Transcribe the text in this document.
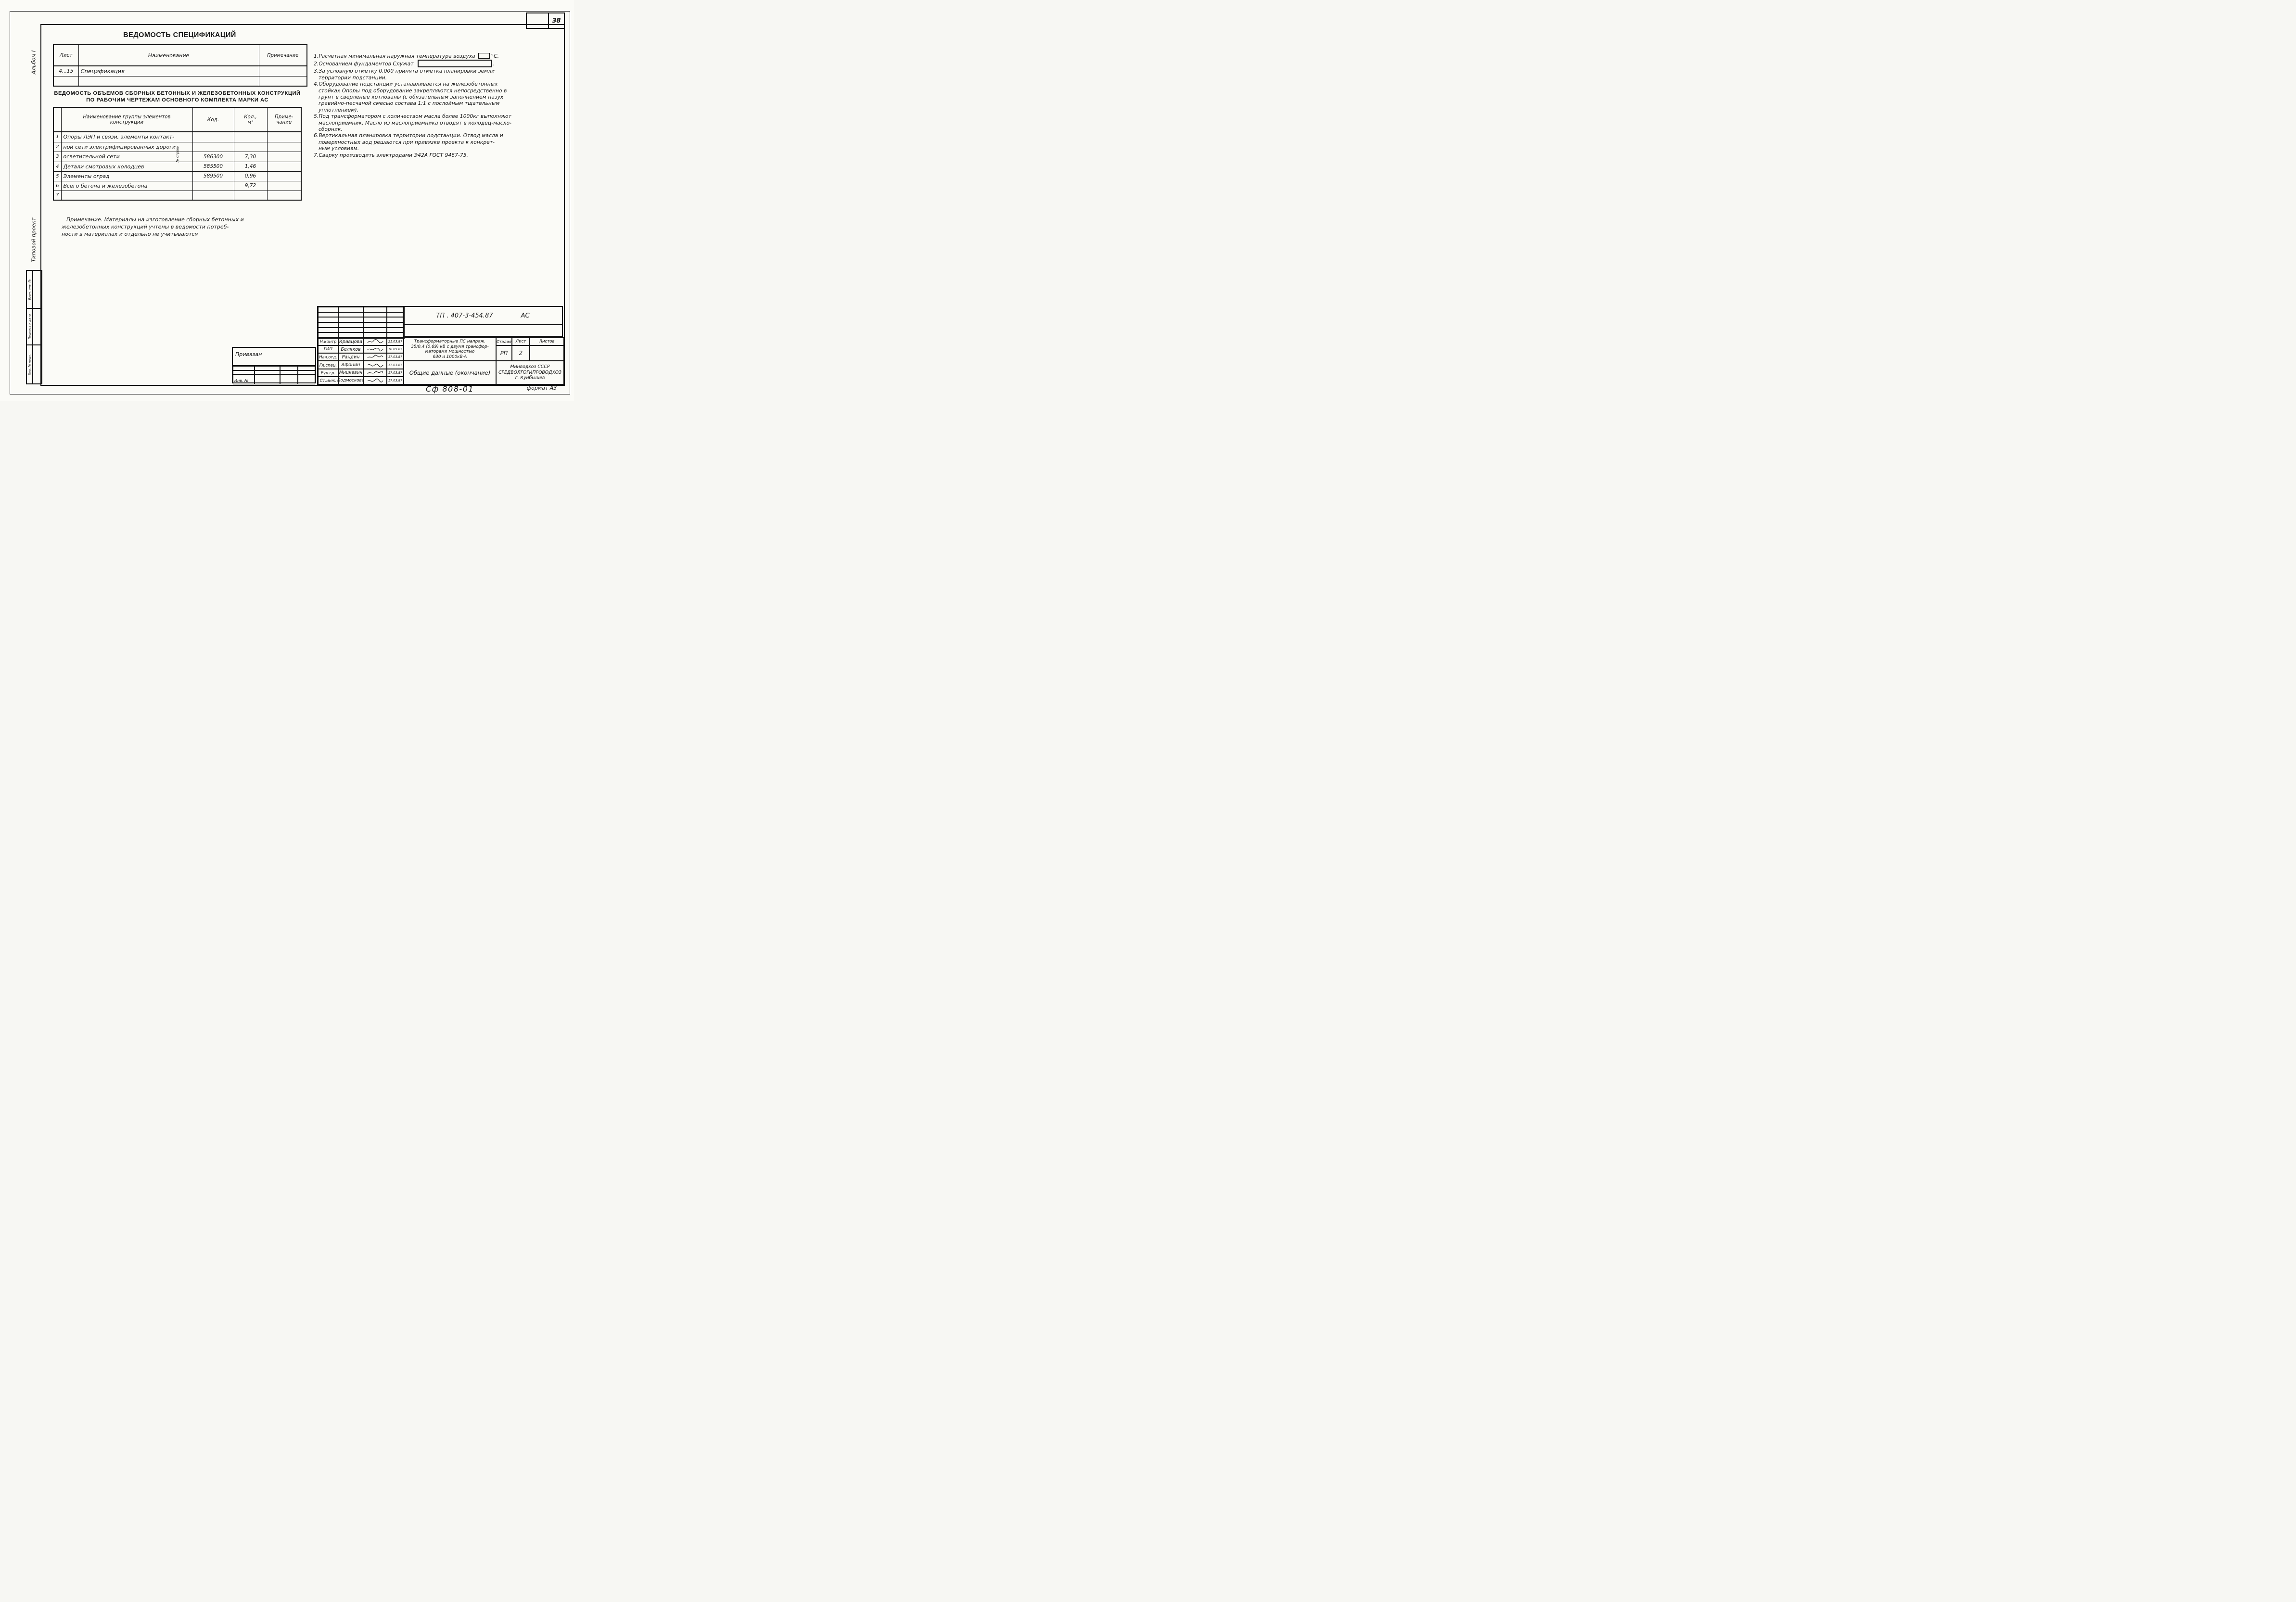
Альбом I
Типовой проект
Взам. инв. №
Подпись и дата
Инв. № подл.
38
ВЕДОМОСТЬ СПЕЦИФИКАЦИЙ
Лист	Наименование	Примечание
4...15	Спецификация	

ВЕДОМОСТЬ ОБЪЕМОВ СБОРНЫХ БЕТОННЫХ И ЖЕЛЕЗОБЕТОННЫХ КОНСТРУКЦИЙ
ПО РАБОЧИМ ЧЕРТЕЖАМ ОСНОВНОГО КОМПЛЕКТА МАРКИ АС
№ строки	Наименование группы элементов конструкции	Код.	Кол., м³	Приме-чание

1	Опоры ЛЭП и связи, элементы контакт-			
2	ной сети электрифицированных дороги			
3	осветительной сети	586300	7,30	
4	Детали смотровых колодцев	585500	1,46	
5	Элементы оград	589500	0,96	
6	Всего бетона и железобетона		9,72	
7				
Примечание. Материалы на изготовление сборных бетонных и
железобетонных конструкций учтены в ведомости потреб-
ности в материалах и отдельно не учитываются
1.Расчетная минимальная наружная температура воздуха	°С.
2.Основанием фундаментов Служат	.
3.За условную отметку 0.000 принята отметка планировки земли
территории подстанции.
4.Оборудование подстанции устанавливается на железобетонных
стойках Опоры под оборудование закрепляются непосредственно в
грунт в сверленые котлованы (с обязательным заполнением пазух
гравийно-песчаной смесью состава 1:1 с послойным тщательным
уплотнением).
5.Под трансформатором с количеством масла более 1000кг выполняют
маслоприемник. Масло из маслоприемника отводят в колодец-масло-
сборник.
6.Вертикальная планировка территории подстанции. Отвод масла и
поверхностных вод решаются при привязке проекта к конкрет-
ным условиям.
7.Сварку производить электродами Э42А ГОСТ 9467-75.
Привязан
Инв. №
ТП . 407-3-454.87	АС
Н.контр Кравцова	21.03.87
ГИП	Беляков	10.05.87
Нач.отд.	Рандин	17.03.87
Гл.спец. Афонин	17.03.87
Рук.гр. Мицкевич	17.03.87
Ст.инж. Подмоскова	17.03.87
Трансформаторные ПС напряж.
35/0,4 (0,69) кВ с двумя трансфор-
маторами мощностью
630 и 1000кВ·А
Общие данные (окончание)
Стадия	Лист	Листов
РП	2
Минводхоз СССР
СРЕДВОЛГОГИПРОВОДХОЗ
г. Куйбышев
Сф 808-01	формат А3
